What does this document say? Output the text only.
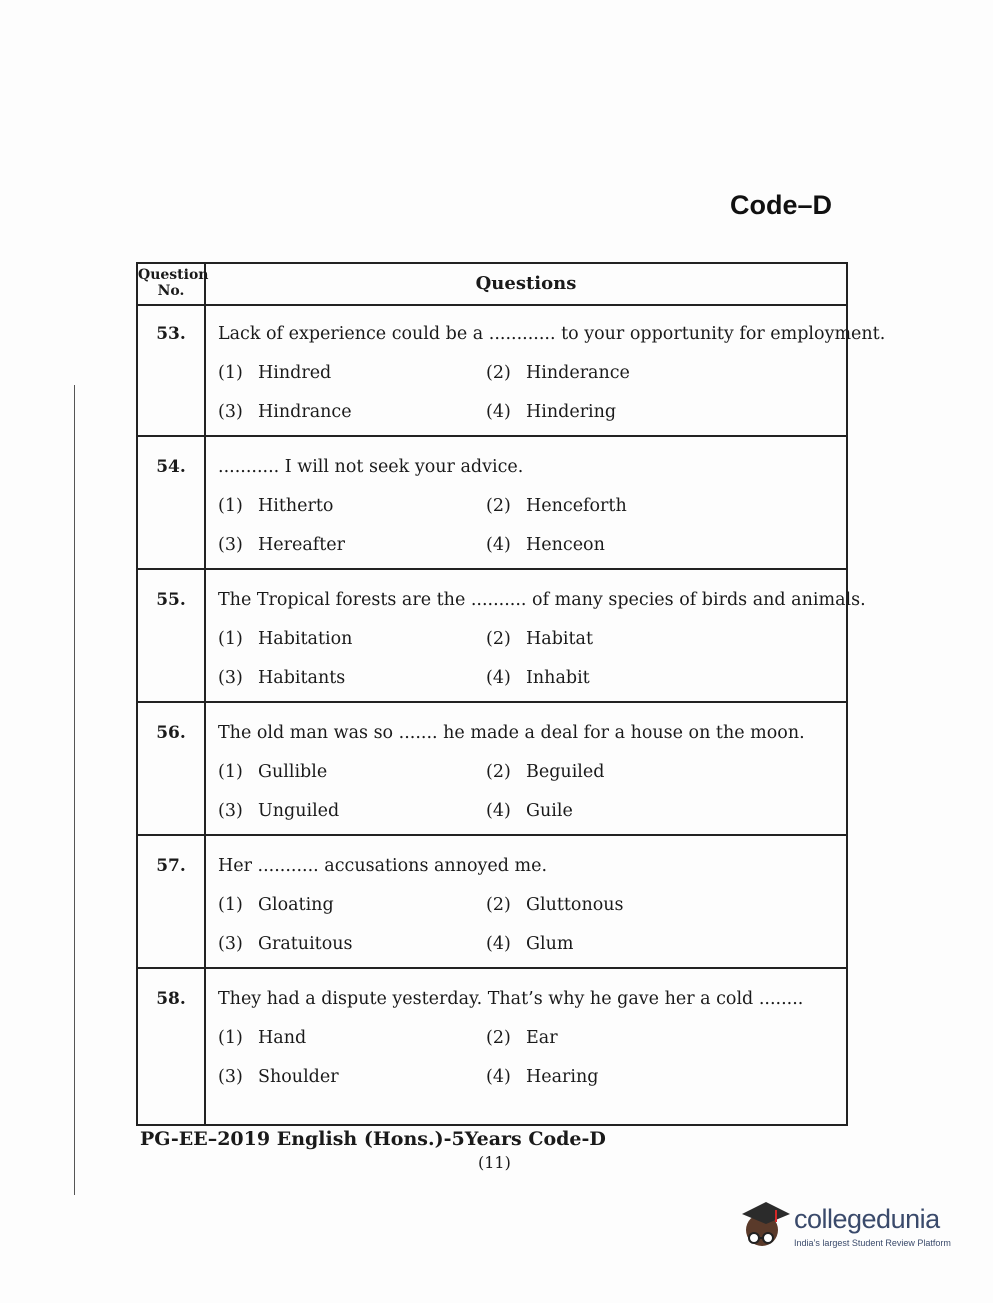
Code–D
Question No.	Questions
53.	Lack of experience could be a ............ to your opportunity for employment.
(1) Hindred	(2) Hinderance
(3) Hindrance	(4) Hindering
54.	........... I will not seek your advice.
(1) Hitherto	(2) Henceforth
(3) Hereafter	(4) Henceon
55.	The Tropical forests are the .......... of many species of birds and animals.
(1) Habitation	(2) Habitat
(3) Habitants	(4) Inhabit
56.	The old man was so ....... he made a deal for a house on the moon.
(1) Gullible	(2) Beguiled
(3) Unguiled	(4) Guile
57.	Her ........... accusations annoyed me.
(1) Gloating	(2) Gluttonous
(3) Gratuitous	(4) Glum
58.	They had a dispute yesterday. That’s why he gave her a cold ........
(1) Hand	(2) Ear
(3) Shoulder	(4) Hearing
PG-EE–2019 English (Hons.)-5Years Code-D
(11)
collegedunia
India’s largest Student Review Platform
